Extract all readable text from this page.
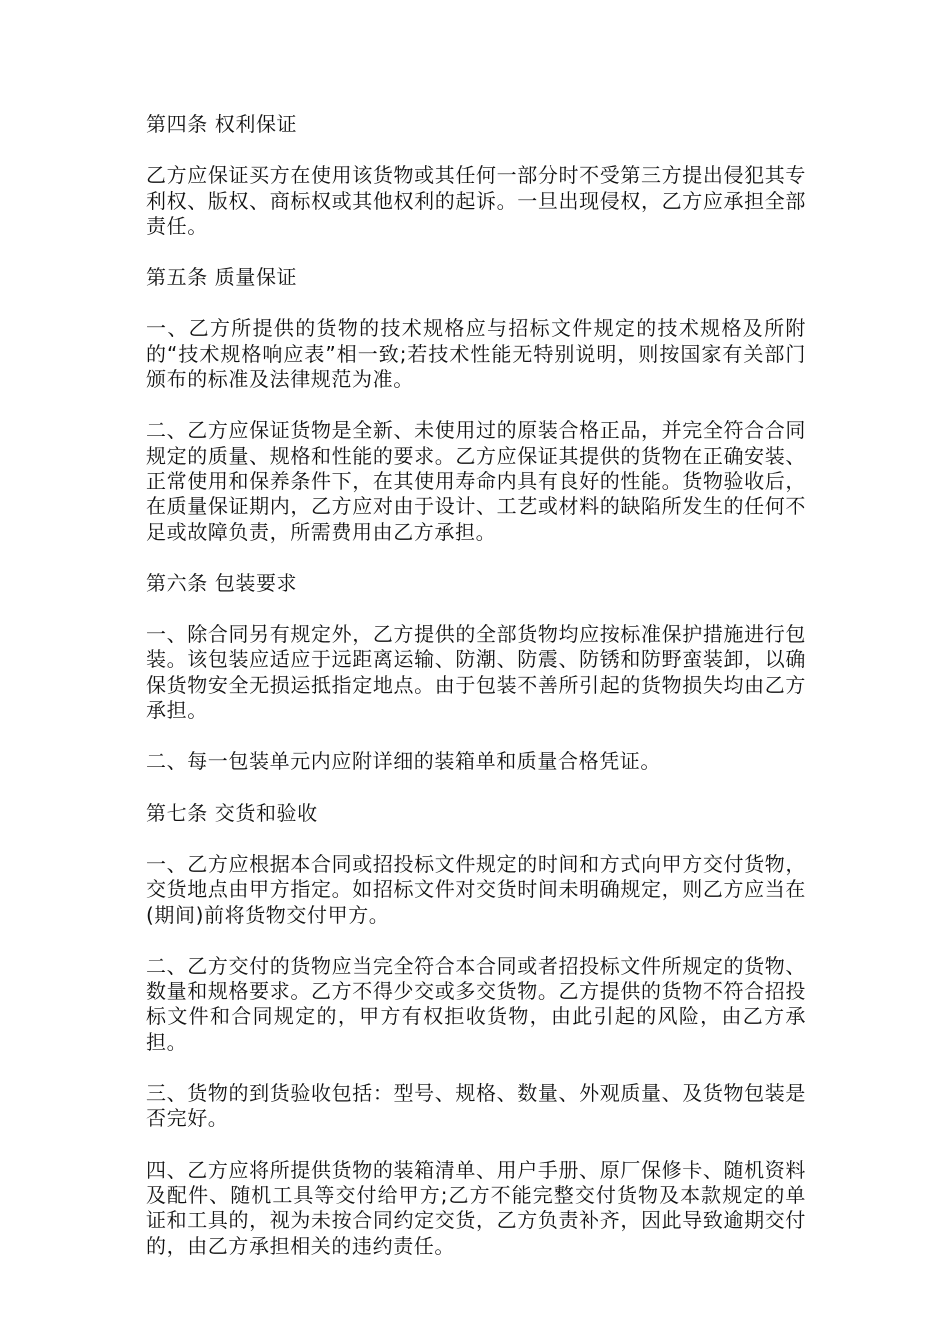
第四条 权利保证

乙方应保证买方在使用该货物或其任何一部分时不受第三方提出侵犯其专利权、版权、商标权或其他权利的起诉。一旦出现侵权，乙方应承担全部责任。

第五条 质量保证

一、乙方所提供的货物的技术规格应与招标文件规定的技术规格及所附的“技术规格响应表”相一致;若技术性能无特别说明，则按国家有关部门颁布的标准及法律规范为准。

二、乙方应保证货物是全新、未使用过的原装合格正品，并完全符合合同规定的质量、规格和性能的要求。乙方应保证其提供的货物在正确安装、正常使用和保养条件下，在其使用寿命内具有良好的性能。货物验收后，在质量保证期内，乙方应对由于设计、工艺或材料的缺陷所发生的任何不足或故障负责，所需费用由乙方承担。

第六条 包装要求

一、除合同另有规定外，乙方提供的全部货物均应按标准保护措施进行包装。该包装应适应于远距离运输、防潮、防震、防锈和防野蛮装卸，以确保货物安全无损运抵指定地点。由于包装不善所引起的货物损失均由乙方承担。

二、每一包装单元内应附详细的装箱单和质量合格凭证。

第七条 交货和验收

一、乙方应根据本合同或招投标文件规定的时间和方式向甲方交付货物，交货地点由甲方指定。如招标文件对交货时间未明确规定，则乙方应当在(期间)前将货物交付甲方。

二、乙方交付的货物应当完全符合本合同或者招投标文件所规定的货物、数量和规格要求。乙方不得少交或多交货物。乙方提供的货物不符合招投标文件和合同规定的，甲方有权拒收货物，由此引起的风险，由乙方承担。

三、货物的到货验收包括：型号、规格、数量、外观质量、及货物包装是否完好。

四、乙方应将所提供货物的装箱清单、用户手册、原厂保修卡、随机资料及配件、随机工具等交付给甲方;乙方不能完整交付货物及本款规定的单证和工具的，视为未按合同约定交货，乙方负责补齐，因此导致逾期交付的，由乙方承担相关的违约责任。
